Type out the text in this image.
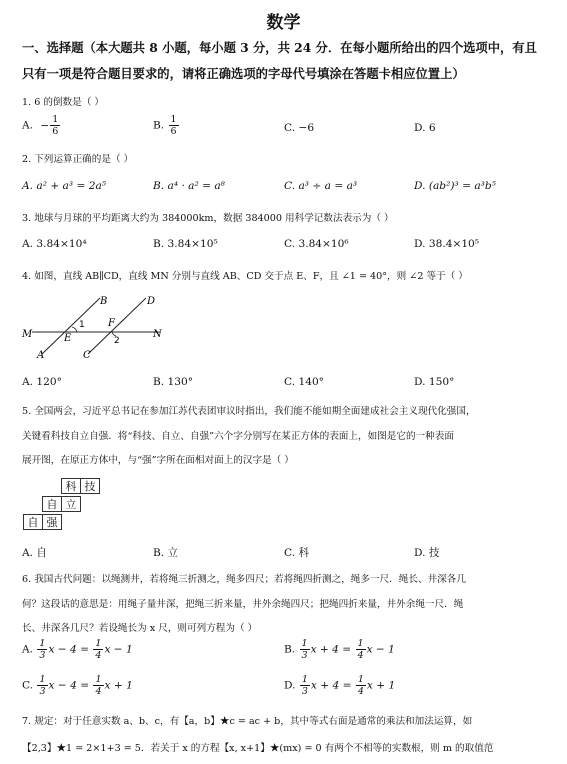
数学
一、选择题（本大题共 8 小题，每小题 3 分，共 24 分．在每小题所给出的四个选项中，有且
只有一项是符合题目要求的，请将正确选项的字母代号填涂在答题卡相应位置上）
1. 6 的倒数是（ ）
A. − $\frac{1}{6}$	B. $\frac{1}{6}$	C. −6	D. 6
2. 下列运算正确的是（ ）
A. a² + a³ = 2a⁵	B. a⁴ · a² = a⁸	C. a³ ÷ a = a³	D. (ab²)³ = a³b⁵
3. 地球与月球的平均距离大约为 384000km，数据 384000 用科学记数法表示为（ ）
A. 3.84×10⁴	B. 3.84×10⁵	C. 3.84×10⁶	D. 38.4×10⁵
4. 如图，直线 AB∥CD，直线 MN 分别与直线 AB、CD 交于点 E、F，且 ∠1 = 40°，则 ∠2 等于（ ）
B	D
M	N
E
F
A	C
1
2
A. 120°	B. 130°	C. 140°	D. 150°
5. 全国两会，习近平总书记在参加江苏代表团审议时指出，我们能不能如期全面建成社会主义现代化强国，
关键看科技自立自强．将“科技、自立、自强”六个字分别写在某正方体的表面上，如图是它的一种表面
展开图，在原正方体中，与“强”字所在面相对面上的汉字是（ ）
科 技
自 立
自 强
A. 自	B. 立	C. 科	D. 技
6. 我国古代问题：以绳测井，若将绳三折测之，绳多四尺；若将绳四折测之，绳多一尺．绳长、井深各几
何？这段话的意思是：用绳子量井深，把绳三折来量，井外余绳四尺；把绳四折来量，井外余绳一尺．绳
长、井深各几尺？若设绳长为 x 尺，则可列方程为（ ）
A. $\frac{1}{3}$ $x - 4 = \frac{1}{4}$ x − 1	B. $\frac{1}{3}$ $x + 4 = \frac{1}{4}$ x − 1
C. $\frac{1}{3}$ $x - 4 = \frac{1}{4}$ x + 1	D. $\frac{1}{3}$ $x + 4 = \frac{1}{4}$ x + 1
7. 规定：对于任意实数 a、b、c，有【a，b】★c = ac + b，其中等式右面是通常的乘法和加法运算，如
【2,3】★1 = 2×1+3 = 5．若关于 x 的方程【x, x+1】★(mx) = 0 有两个不相等的实数根，则 m 的取值范
